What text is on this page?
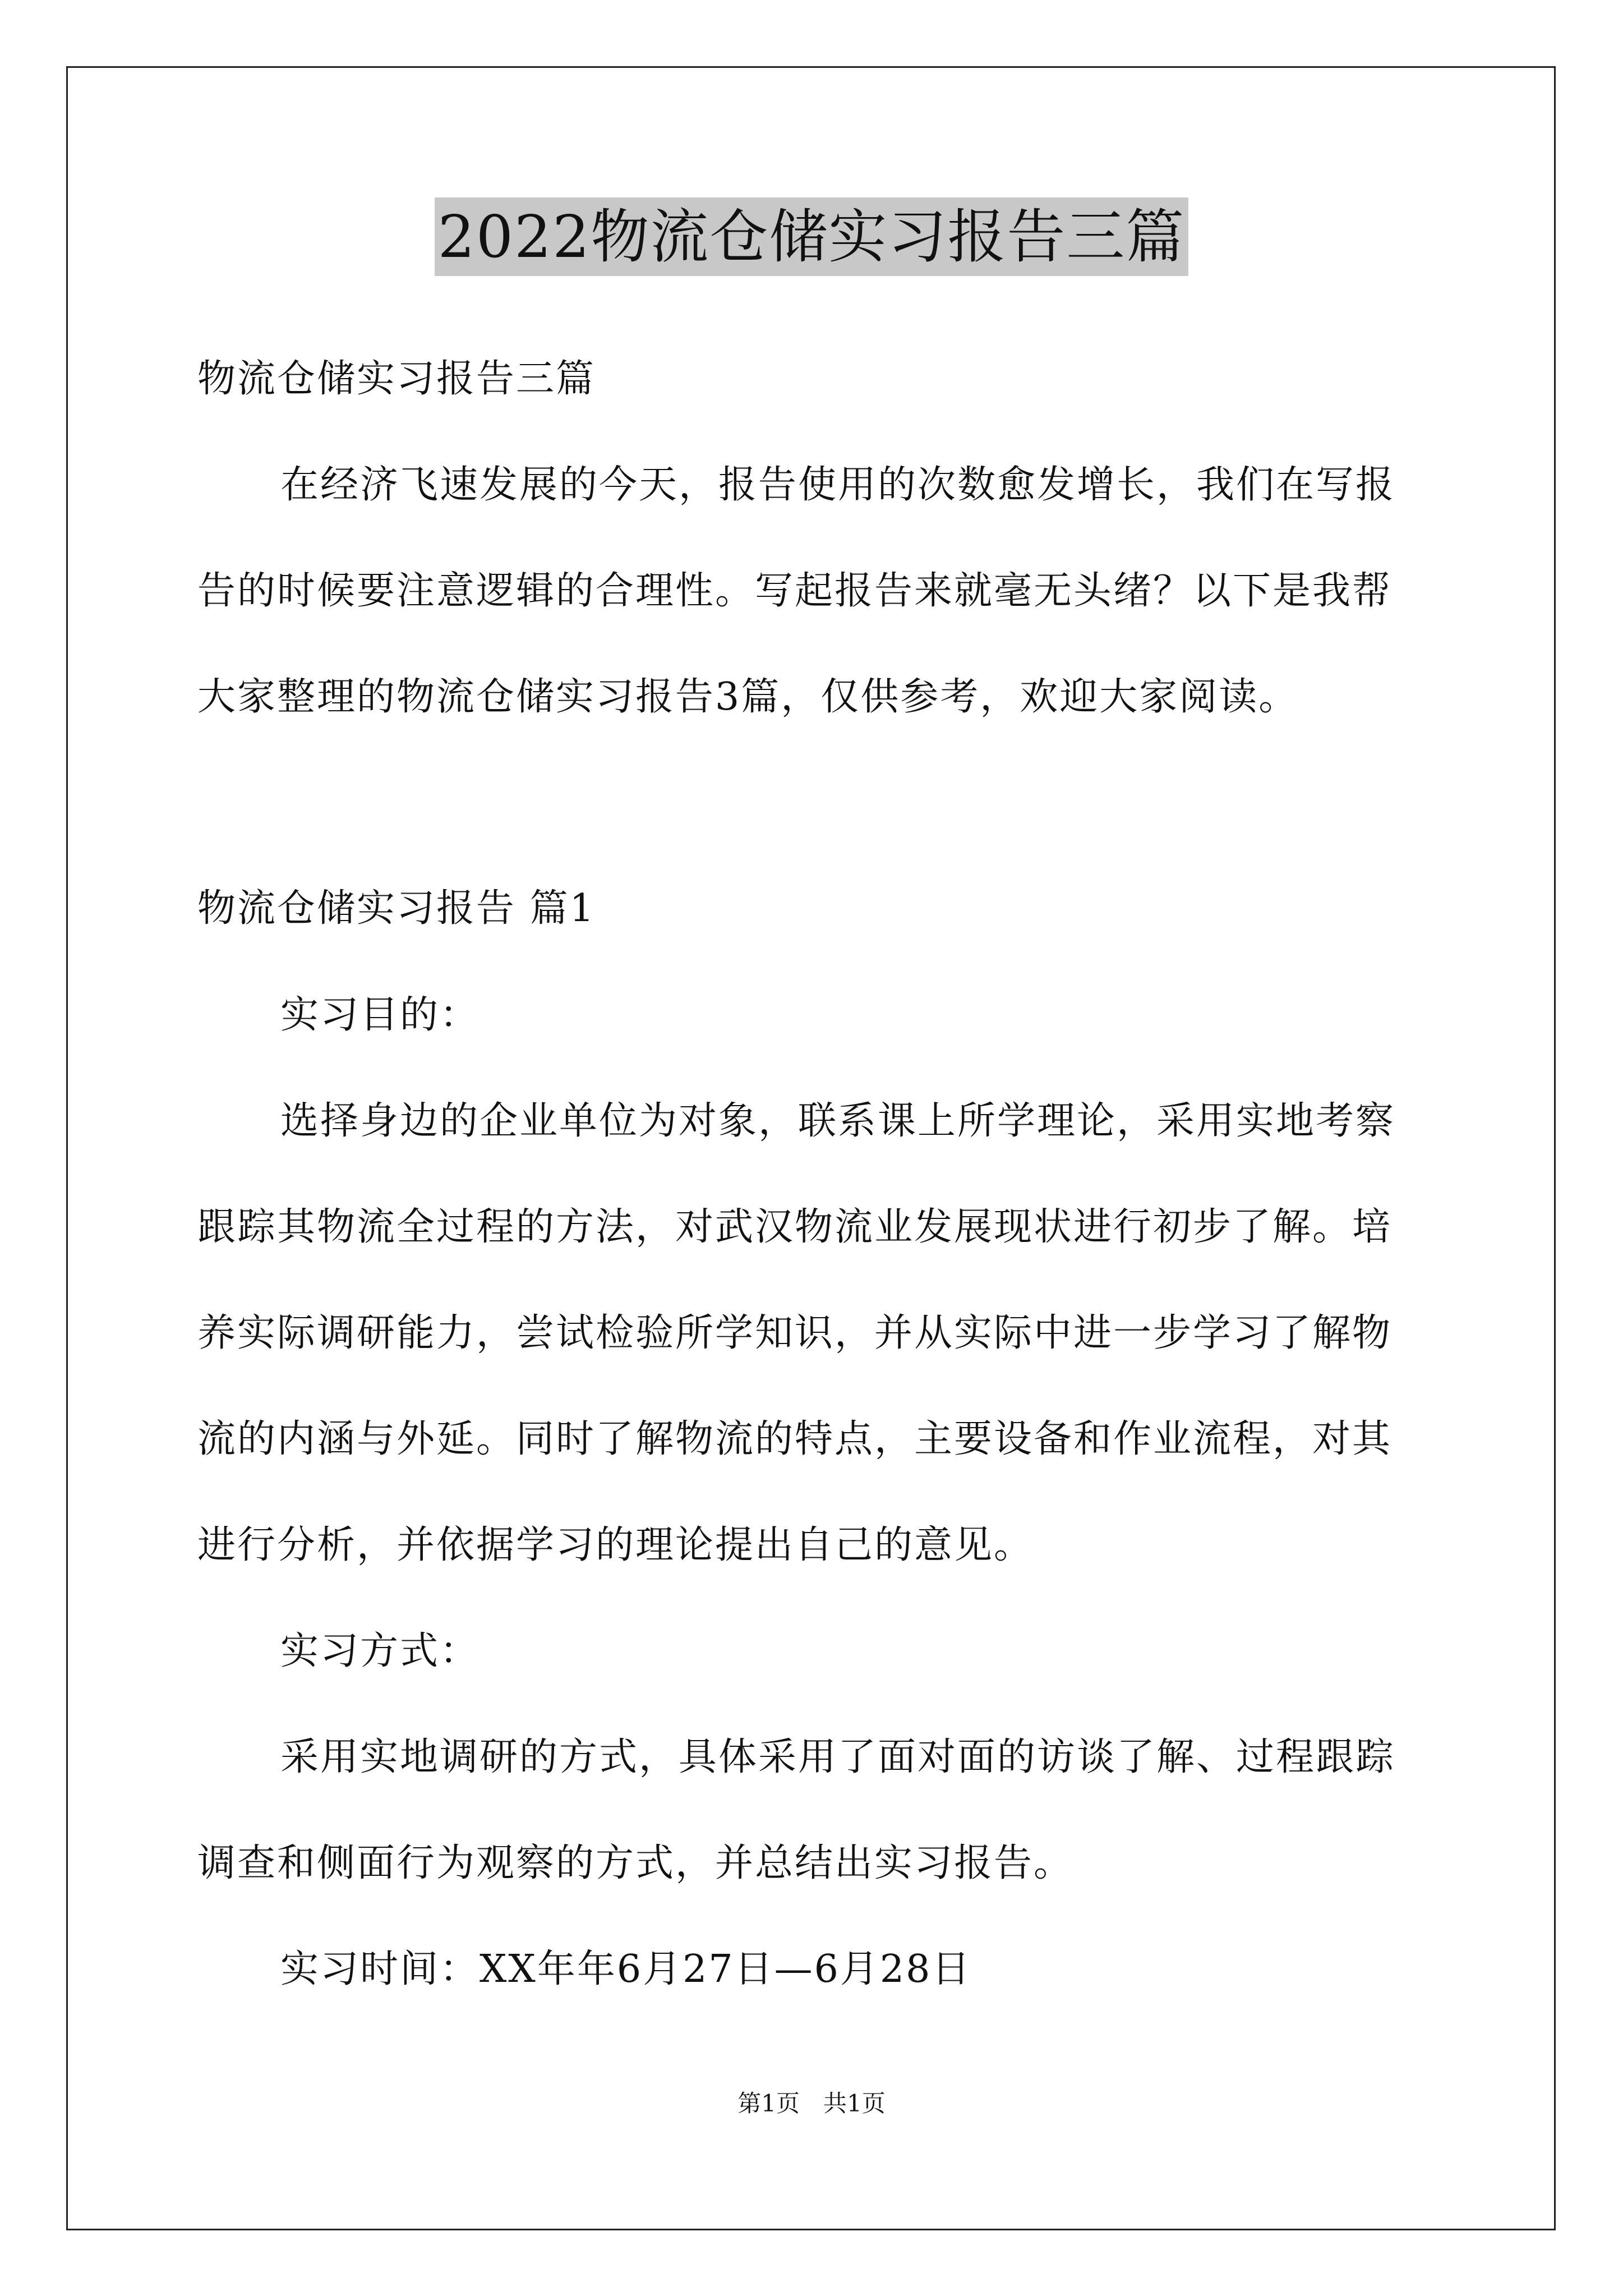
2022物流仓储实习报告三篇
物流仓储实习报告三篇
在经济飞速发展的今天，报告使用的次数愈发增长，我们在写报
告的时候要注意逻辑的合理性。写起报告来就毫无头绪？以下是我帮
大家整理的物流仓储实习报告3篇，仅供参考，欢迎大家阅读。
物流仓储实习报告 篇1
实习目的：
选择身边的企业单位为对象，联系课上所学理论，采用实地考察
跟踪其物流全过程的方法，对武汉物流业发展现状进行初步了解。培
养实际调研能力，尝试检验所学知识，并从实际中进一步学习了解物
流的内涵与外延。同时了解物流的特点，主要设备和作业流程，对其
进行分析，并依据学习的理论提出自己的意见。
实习方式：
采用实地调研的方式，具体采用了面对面的访谈了解、过程跟踪
调查和侧面行为观察的方式，并总结出实习报告。
实习时间：XX年年6月27日—6月28日
第1页　共1页
